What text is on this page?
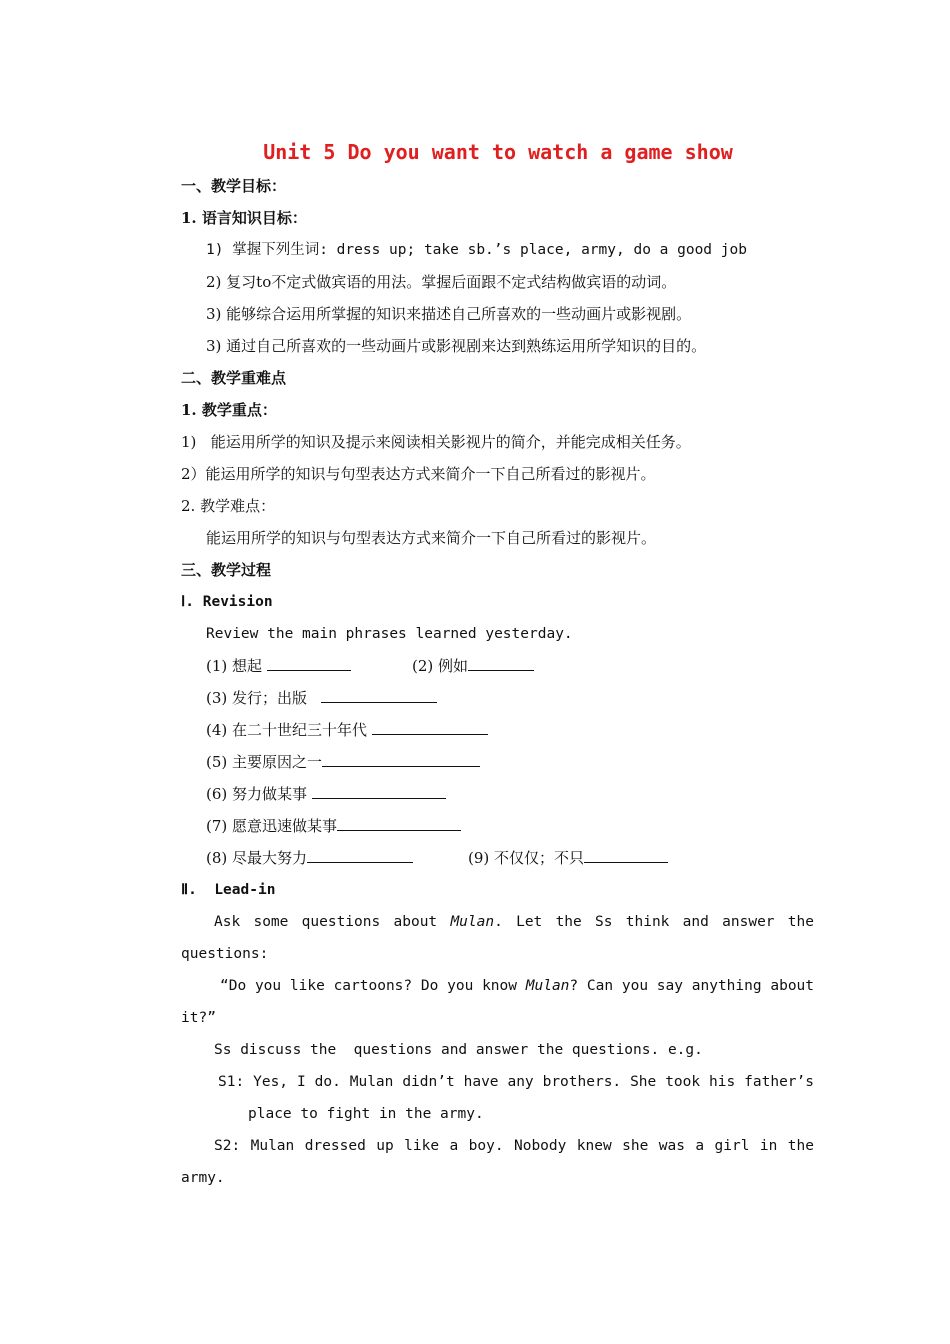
Unit 5 Do you want to watch a game show
一、教学目标：
1. 语言知识目标：
1) 掌握下列生词: dress up; take sb.’s place, army, do a good job
2) 复习to不定式做宾语的用法。掌握后面跟不定式结构做宾语的动词。
3) 能够综合运用所掌握的知识来描述自己所喜欢的一些动画片或影视剧。
3) 通过自己所喜欢的一些动画片或影视剧来达到熟练运用所学知识的目的。
二、教学重难点
1. 教学重点：
1)   能运用所学的知识及提示来阅读相关影视片的简介，并能完成相关任务。
2）能运用所学的知识与句型表达方式来简介一下自己所看过的影视片。
2. 教学难点：
能运用所学的知识与句型表达方式来简介一下自己所看过的影视片。
三、教学过程
Ⅰ. Revision
Review the main phrases learned yesterday.
(1) 想起	(2) 例如
(3) 发行；出版
(4) 在二十世纪三十年代
(5) 主要原因之一
(6) 努力做某事
(7) 愿意迅速做某事
(8) 尽最大努力	(9) 不仅仅；不只
Ⅱ.  Lead-in
Ask some questions about Mulan. Let the Ss think and answer the
questions:
“Do you like cartoons? Do you know Mulan? Can you say anything about
it?”
Ss discuss the  questions and answer the questions. e.g.
S1: Yes, I do. Mulan didn’t have any brothers. She took his father’s
place to fight in the army.
S2: Mulan dressed up like a boy. Nobody knew she was a girl in the
army.
